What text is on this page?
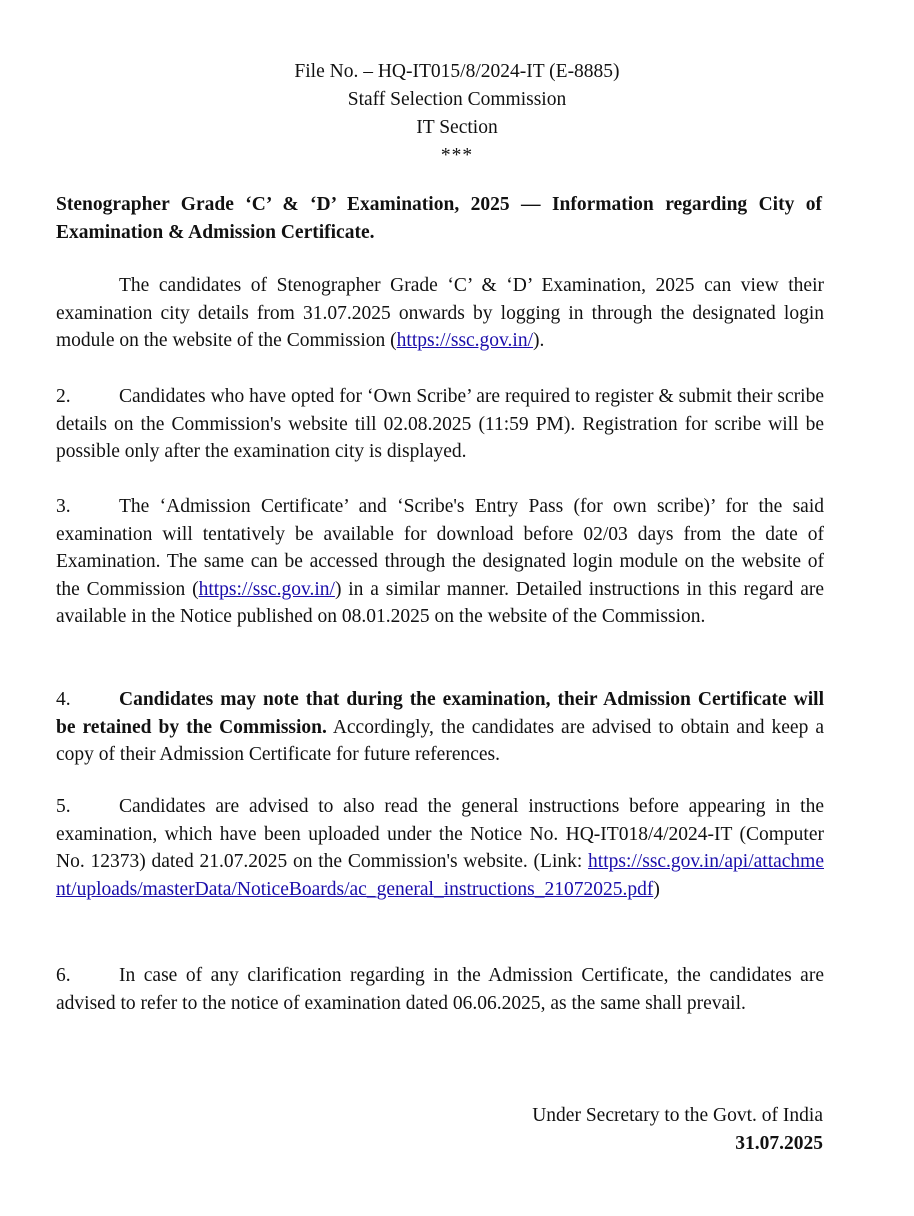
File No. – HQ-IT015/8/2024-IT (E-8885)
Staff Selection Commission
IT Section
***
Stenographer Grade ‘C’ & ‘D’ Examination, 2025 — Information regarding City of Examination & Admission Certificate.
The candidates of Stenographer Grade ‘C’ & ‘D’ Examination, 2025 can view their examination city details from 31.07.2025 onwards by logging in through the designated login module on the website of the Commission (https://ssc.gov.in/).
2. Candidates who have opted for ‘Own Scribe’ are required to register & submit their scribe details on the Commission's website till 02.08.2025 (11:59 PM). Registration for scribe will be possible only after the examination city is displayed.
3. The ‘Admission Certificate’ and ‘Scribe's Entry Pass (for own scribe)’ for the said examination will tentatively be available for download before 02/03 days from the date of Examination. The same can be accessed through the designated login module on the website of the Commission (https://ssc.gov.in/) in a similar manner. Detailed instructions in this regard are available in the Notice published on 08.01.2025 on the website of the Commission.
4. Candidates may note that during the examination, their Admission Certificate will be retained by the Commission. Accordingly, the candidates are advised to obtain and keep a copy of their Admission Certificate for future references.
5. Candidates are advised to also read the general instructions before appearing in the examination, which have been uploaded under the Notice No. HQ-IT018/4/2024-IT (Computer No. 12373) dated 21.07.2025 on the Commission's website. (Link: https://ssc.gov.in/api/attachment/uploads/masterData/NoticeBoards/ac_general_instructions_21072025.pdf)
6. In case of any clarification regarding in the Admission Certificate, the candidates are advised to refer to the notice of examination dated 06.06.2025, as the same shall prevail.
Under Secretary to the Govt. of India
31.07.2025
